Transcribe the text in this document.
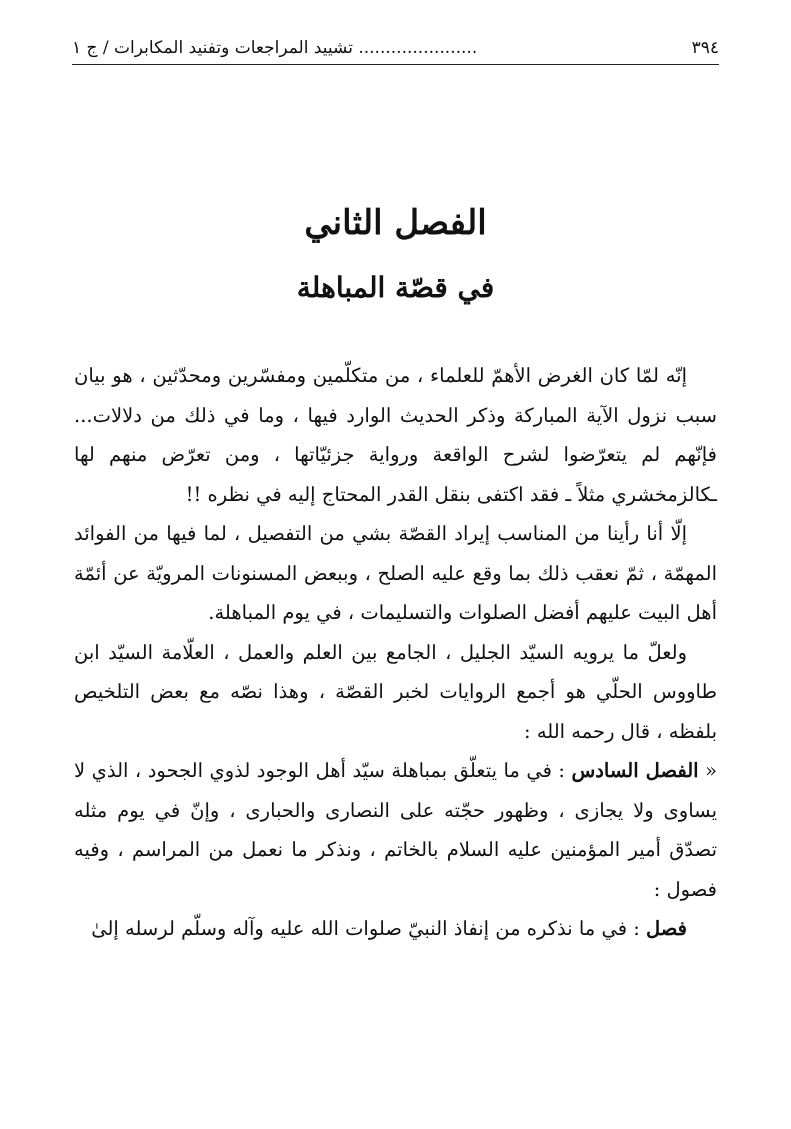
٣٩٤
...................... تشييد المراجعات وتفنيد المكابرات / ج ١
الفصل الثاني
في قصّة المباهلة

إنّه لمّا كان الغرض الأهمّ للعلماء ، من متكلّمين ومفسّرين ومحدّثين ، هو بيان سبب نزول الآية المباركة وذكر الحديث الوارد فيها ، وما في ذلك من دلالات... فإنّهم لم يتعرّضوا لشرح الواقعة ورواية جزئيّاتها ، ومن تعرّض منهم لها ـكالزمخشري مثلاً ـ فقد اكتفى بنقل القدر المحتاج إليه في نظره !!

إلّا أنا رأينا من المناسب إيراد القصّة بشي من التفصيل ، لما فيها من الفوائد المهمّة ، ثمّ نعقب ذلك بما وقع عليه الصلح ، وببعض المسنونات المرويّة عن أئمّة أهل البيت عليهم أفضل الصلوات والتسليمات ، في يوم المباهلة.

ولعلّ ما يرويه السيّد الجليل ، الجامع بين العلم والعمل ، العلّامة السيّد ابن طاووس الحلّي هو أجمع الروايات لخبر القصّة ، وهذا نصّه مع بعض التلخيص بلفظه ، قال رحمه الله :

« الفصل السادس : في ما يتعلّق بمباهلة سيّد أهل الوجود لذوي الجحود ، الذي لا يساوى ولا يجازى ، وظهور حجّته على النصارى والحبارى ، وإنّ في يوم مثله تصدّق أمير المؤمنين عليه السلام بالخاتم ، ونذكر ما نعمل من المراسم ، وفيه فصول :

فصل : في ما نذكره من إنفاذ النبيّ صلوات الله عليه وآله وسلّم لرسله إلىٰ
